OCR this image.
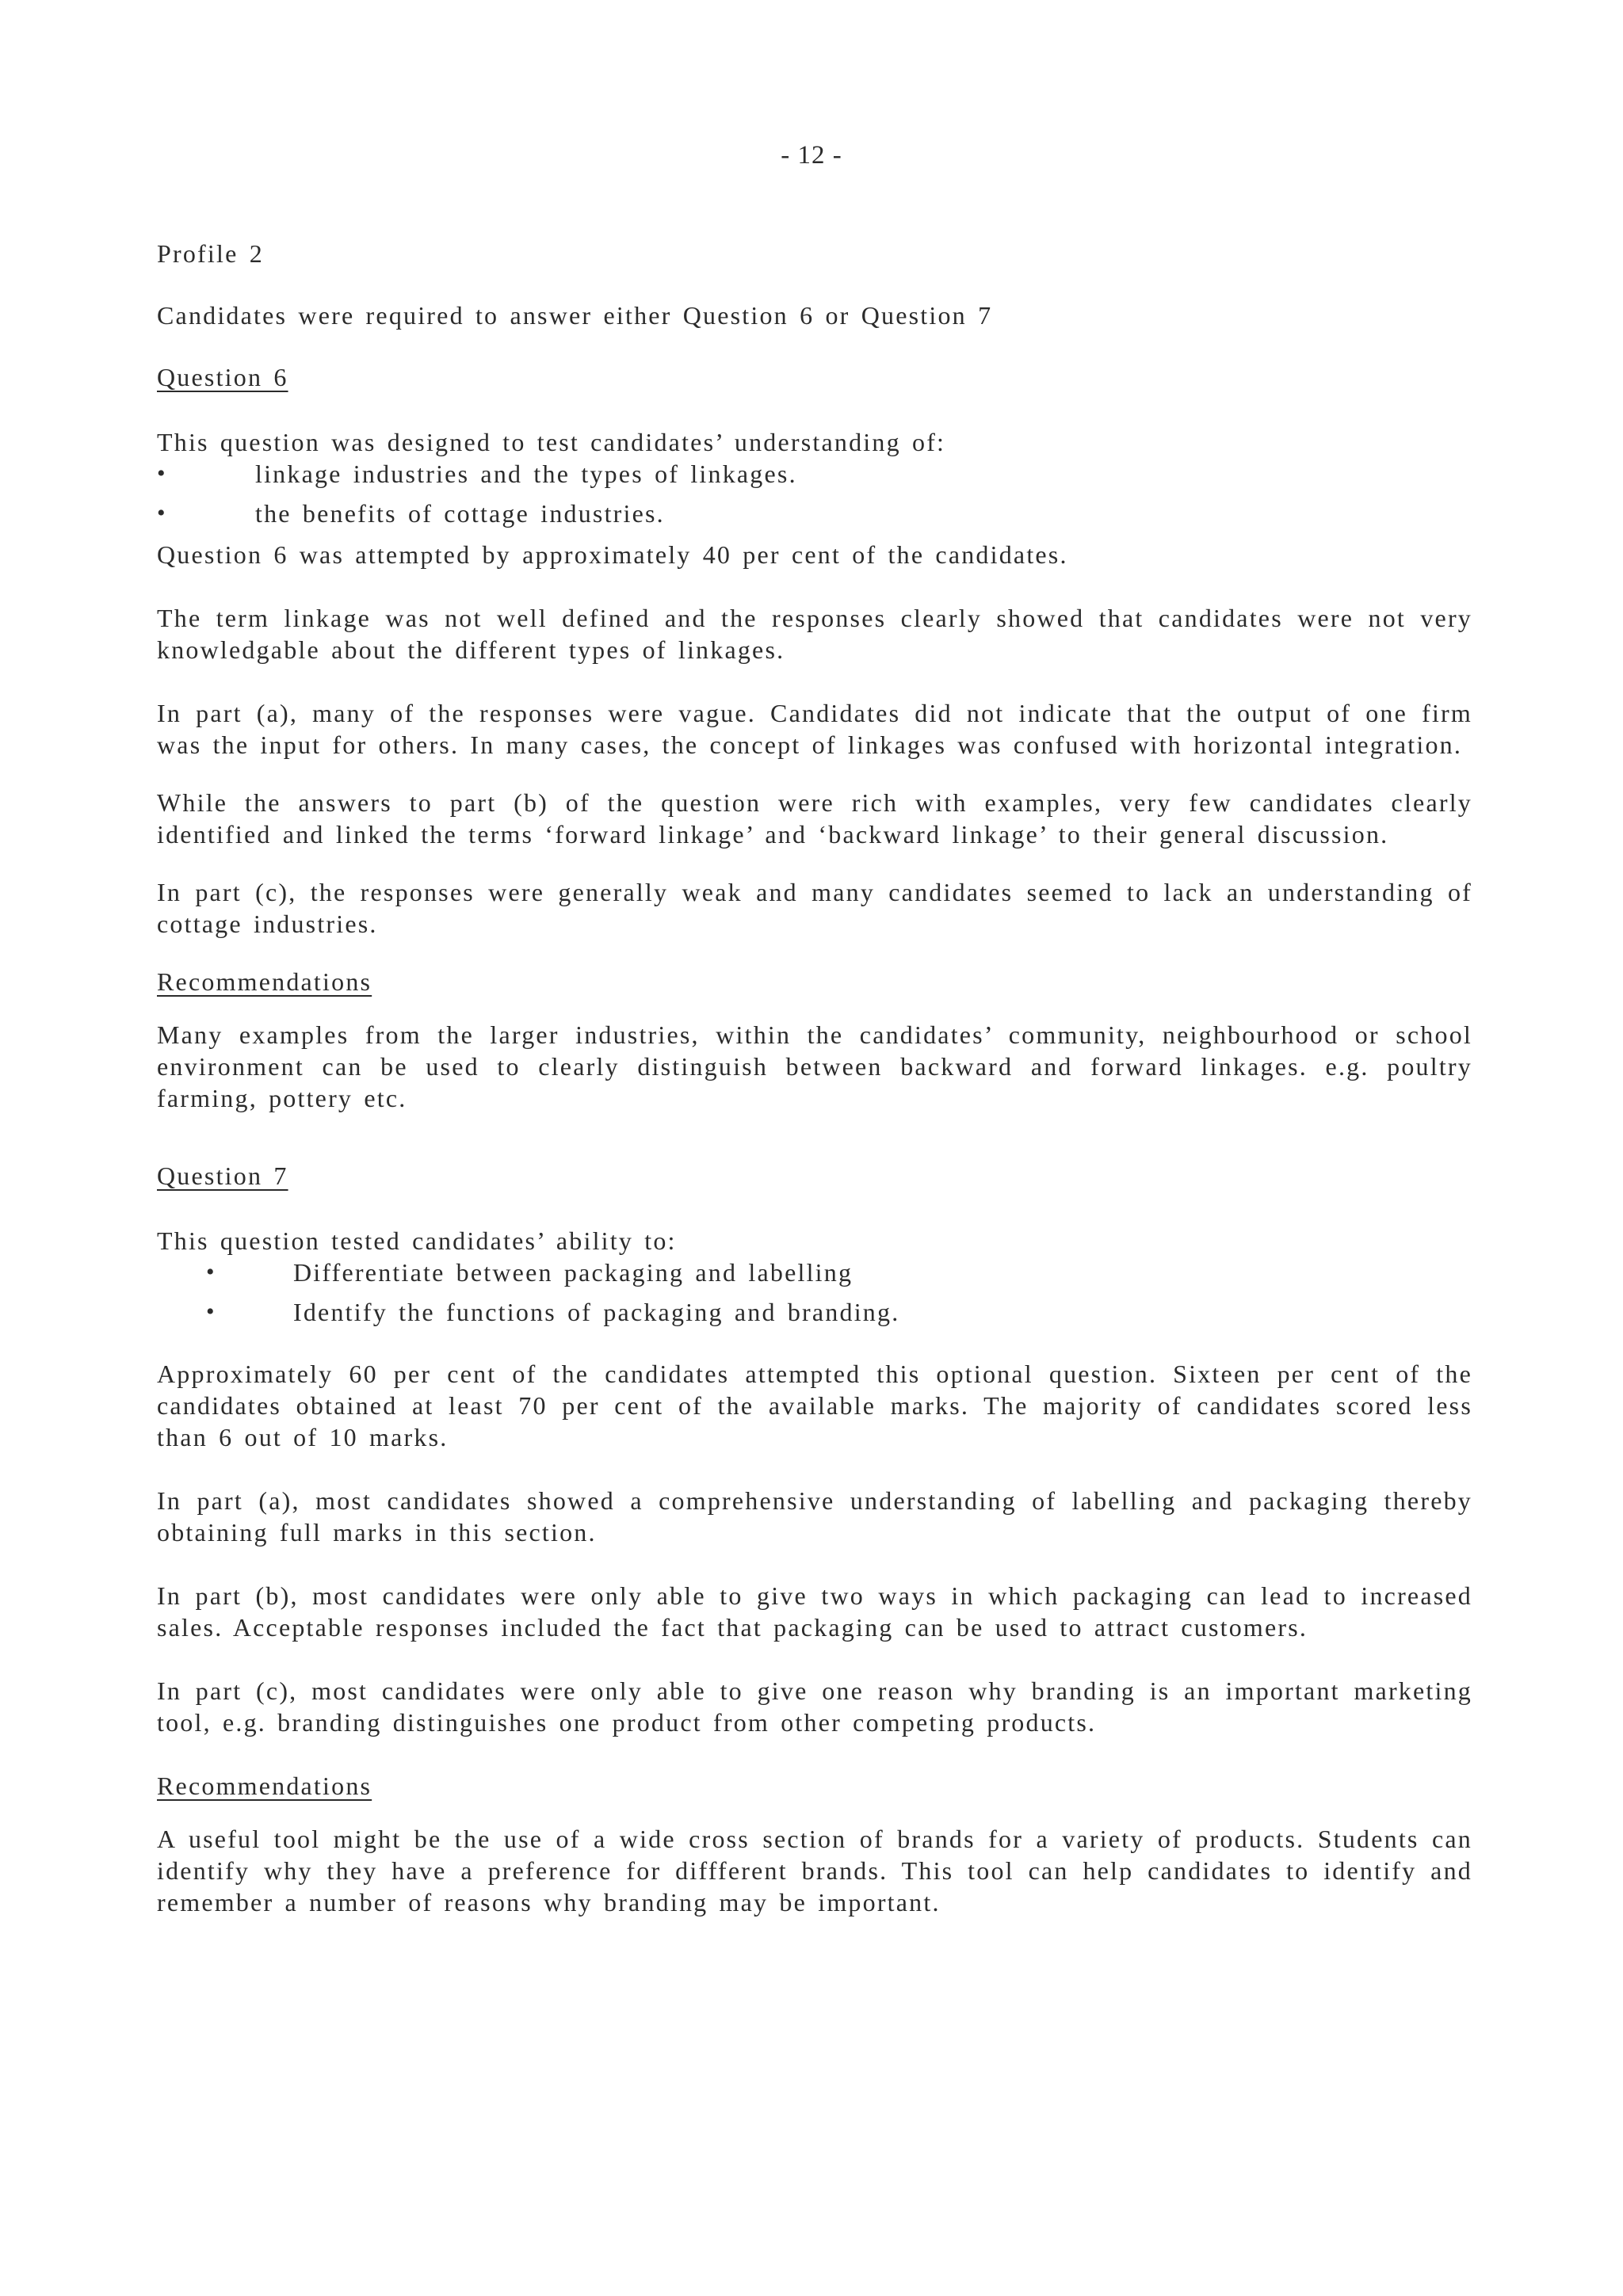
- 12 -

Profile 2

Candidates were required to answer either Question 6 or Question 7

Question 6

This question was designed to test candidates’ understanding of:

•	linkage industries and the types of linkages.
•	the benefits of cottage industries.

Question 6 was attempted by approximately 40 per cent of the candidates.

The term linkage was not well defined and the responses clearly showed that candidates were not very knowledgable about the different types of linkages.

In part (a), many of the responses were vague. Candidates did not indicate that the output of one firm was the input for others. In many cases, the concept of linkages was confused with horizontal integration.

While the answers to part (b) of the question were rich with examples, very few candidates clearly identified and linked the terms ‘forward linkage’ and ‘backward linkage’ to their general discussion.

In part (c), the responses were generally weak and many candidates seemed to lack an understanding of cottage industries.

Recommendations

Many examples from the larger industries, within the candidates’ community, neighbourhood or school environment can be used to clearly distinguish between backward and forward linkages. e.g. poultry farming, pottery etc.

Question 7

This question tested candidates’ ability to:

•	Differentiate between packaging and labelling
•	Identify the functions of packaging and branding.

Approximately 60 per cent of the candidates attempted this optional question. Sixteen per cent of the candidates obtained at least 70 per cent of the available marks. The majority of candidates scored less than 6 out of 10 marks.

In part (a), most candidates showed a comprehensive understanding of labelling and packaging thereby obtaining full marks in this section.

In part (b), most candidates were only able to give two ways in which packaging can lead to increased sales. Acceptable responses included the fact that packaging can be used to attract customers.

In part (c), most candidates were only able to give one reason why branding is an important marketing tool, e.g. branding distinguishes one product from other competing products.

Recommendations

A useful tool might be the use of a wide cross section of brands for a variety of products. Students can identify why they have a preference for diffferent brands. This tool can help candidates to identify and remember a number of reasons why branding may be important.
